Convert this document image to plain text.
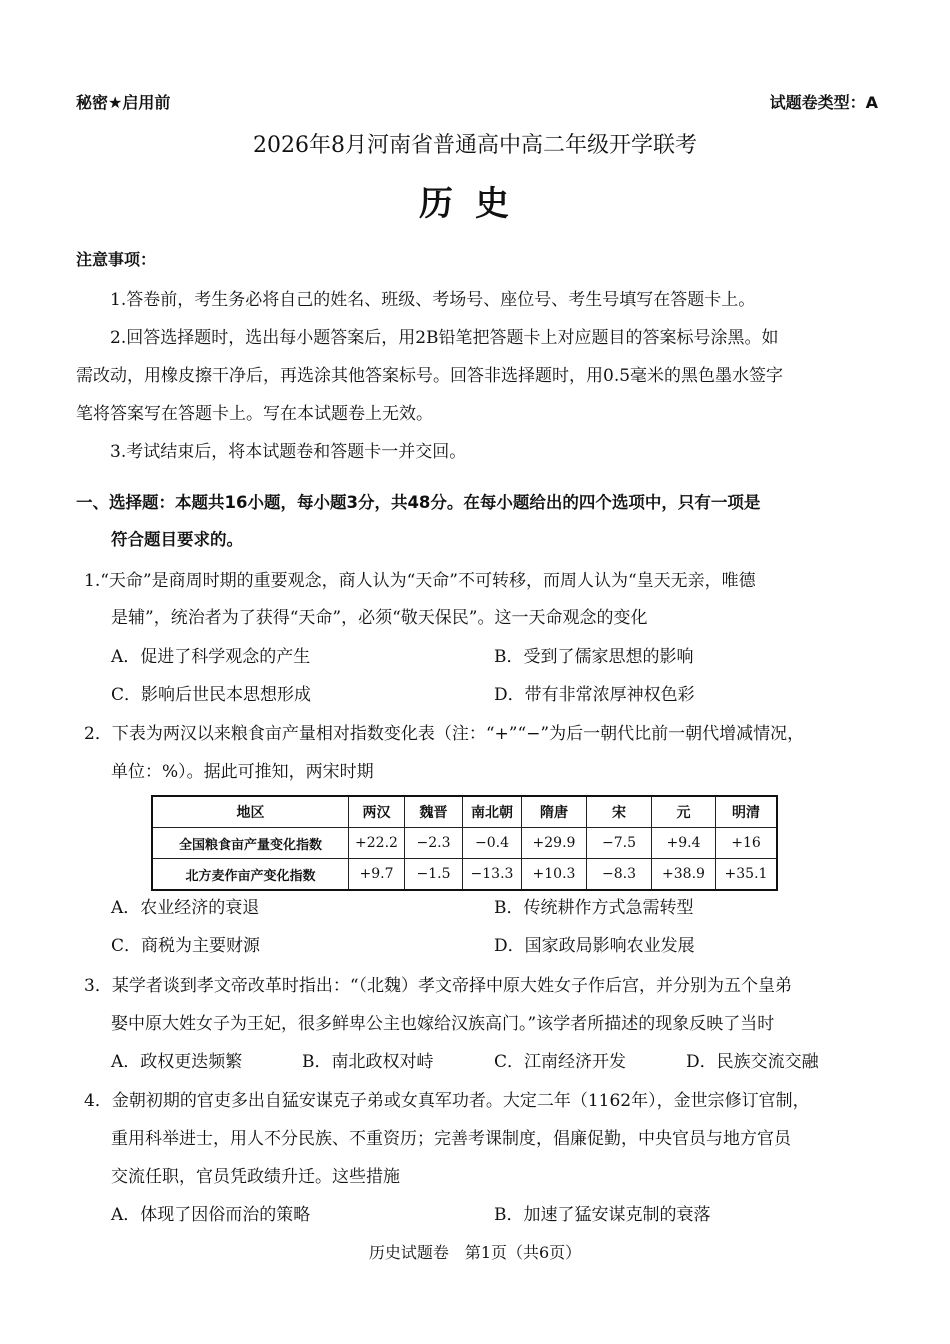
秘密★启用前	试题卷类型：A
2026年8月河南省普通高中高二年级开学联考
历史
注意事项：
1.答卷前，考生务必将自己的姓名、班级、考场号、座位号、考生号填写在答题卡上。
2.回答选择题时，选出每小题答案后，用2B铅笔把答题卡上对应题目的答案标号涂黑。如
需改动，用橡皮擦干净后，再选涂其他答案标号。回答非选择题时，用0.5毫米的黑色墨水签字
笔将答案写在答题卡上。写在本试题卷上无效。
3.考试结束后，将本试题卷和答题卡一并交回。
一、选择题：本题共16小题，每小题3分，共48分。在每小题给出的四个选项中，只有一项是
符合题目要求的。
1.“天命”是商周时期的重要观念，商人认为“天命”不可转移，而周人认为“皇天无亲，唯德
是辅”，统治者为了获得“天命”，必须“敬天保民”。这一天命观念的变化
A．促进了科学观念的产生	B．受到了儒家思想的影响
C．影响后世民本思想形成	D．带有非常浓厚神权色彩
2．下表为两汉以来粮食亩产量相对指数变化表（注：“+”“−”为后一朝代比前一朝代增减情况，
单位：%）。据此可推知，两宋时期
地区	两汉	魏晋	南北朝	隋唐	宋	元	明清
全国粮食亩产量变化指数	+22.2	−2.3	−0.4	+29.9	−7.5	+9.4	+16
北方麦作亩产变化指数	+9.7	−1.5	−13.3	+10.3	−8.3	+38.9	+35.1
A．农业经济的衰退	B．传统耕作方式急需转型
C．商税为主要财源	D．国家政局影响农业发展
3．某学者谈到孝文帝改革时指出：“（北魏）孝文帝择中原大姓女子作后宫，并分别为五个皇弟
娶中原大姓女子为王妃，很多鲜卑公主也嫁给汉族高门。”该学者所描述的现象反映了当时
A．政权更迭频繁	B．南北政权对峙	C．江南经济开发	D．民族交流交融
4．金朝初期的官吏多出自猛安谋克子弟或女真军功者。大定二年（1162年），金世宗修订官制，
重用科举进士，用人不分民族、不重资历；完善考课制度，倡廉促勤，中央官员与地方官员
交流任职，官员凭政绩升迁。这些措施
A．体现了因俗而治的策略	B．加速了猛安谋克制的衰落
历史试题卷　第1页（共6页）
